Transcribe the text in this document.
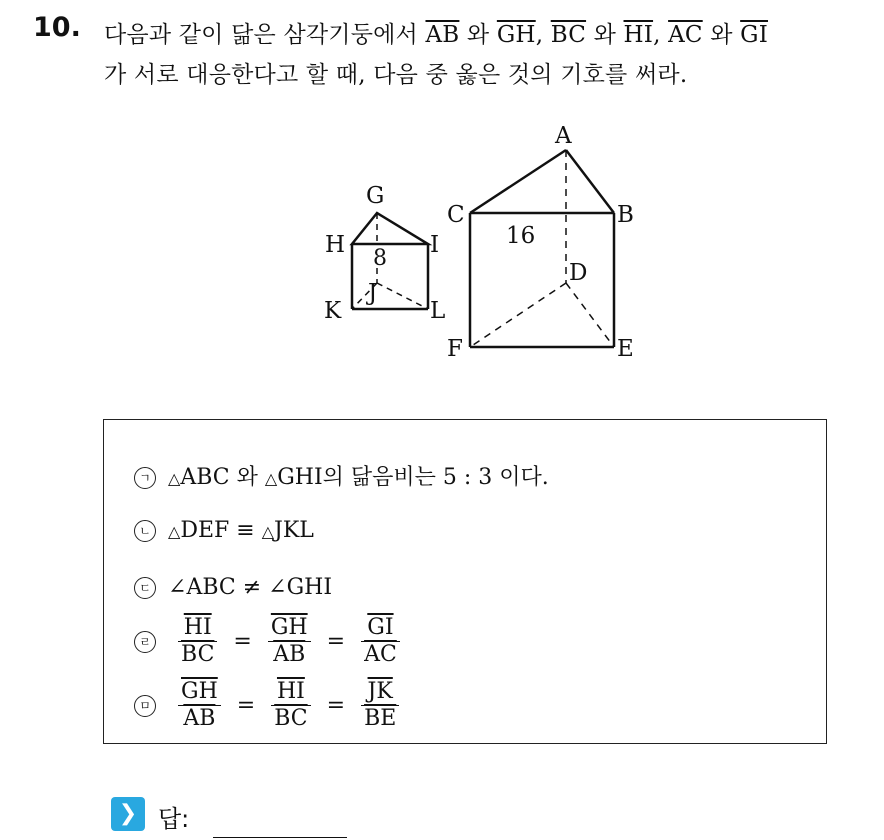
10. 다음과 같이 닮은 삼각기둥에서 $\overline{AB}$ 와 $\overline{GH}$, $\overline{BC}$ 와 $\overline{HI}$, $\overline{AC}$ 와 $\overline{GI}$
가 서로 대응한다고 할 때, 다음 중 옳은 것의 기호를 써라.
8
16
G
H	I
J
K	L
A
C	B
D
F	E
ㄱ △ABC 와 △GHI의 닮음비는 5 : 3 이다.
ㄴ △DEF ≡ △JKL
ㄷ ∠ABC ≠ ∠GHI
ㄹ $\frac{\overline{HI}}{BC} = \frac{\overline{GH}}{AB} = \frac{\overline{GI}}{AC}$
ㅁ $\frac{\overline{GH}}{AB} = \frac{\overline{HI}}{BC} = \frac{\overline{JK}}{BE}$
❯ 답:
